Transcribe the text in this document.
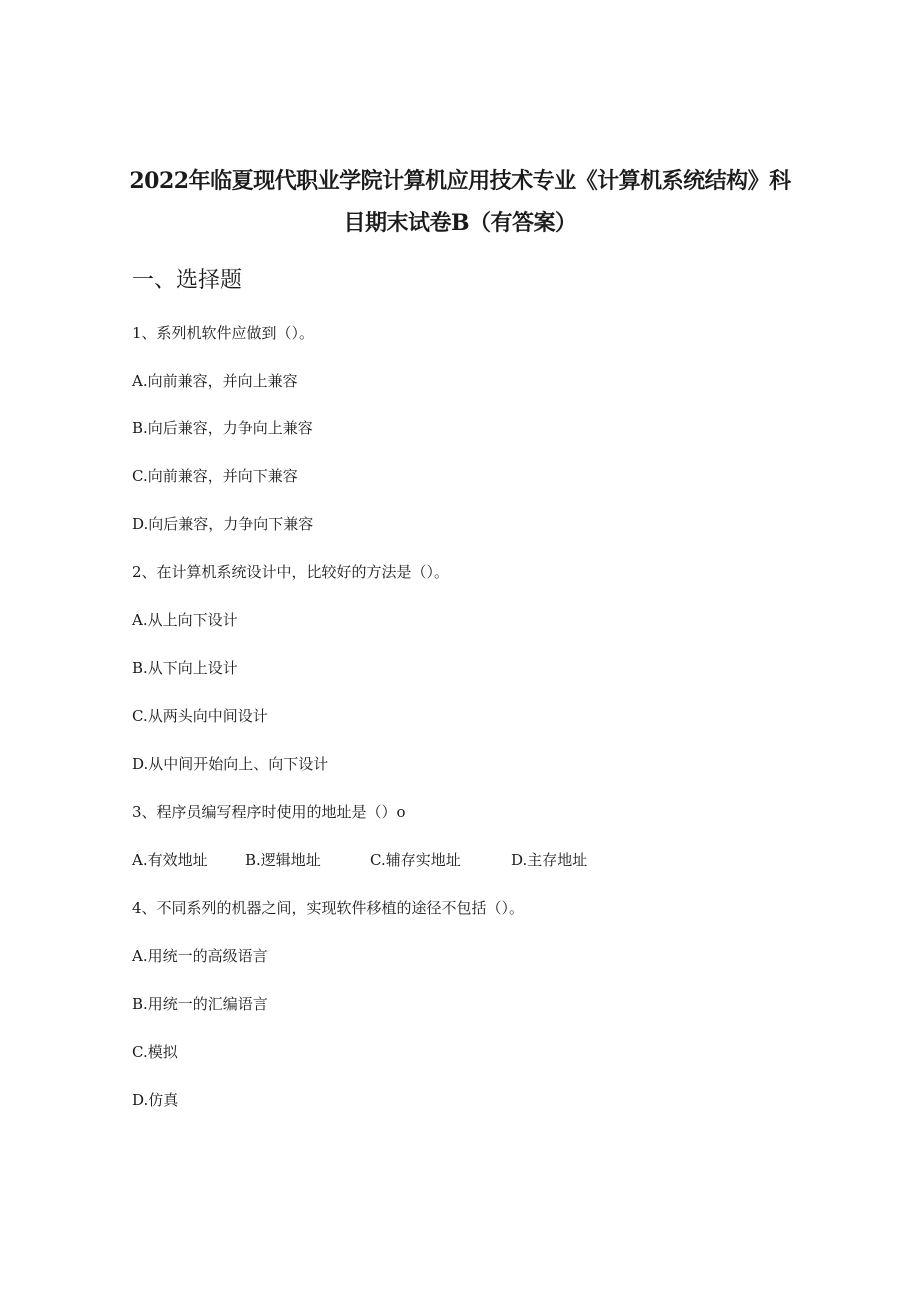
2022年临夏现代职业学院计算机应用技术专业《计算机系统结构》科
目期末试卷B（有答案）
一、选择题
1、系列机软件应做到（）。
A.向前兼容，并向上兼容
B.向后兼容，力争向上兼容
C.向前兼容，并向下兼容
D.向后兼容，力争向下兼容
2、在计算机系统设计中，比较好的方法是（）。
A.从上向下设计
B.从下向上设计
C.从两头向中间设计
D.从中间开始向上、向下设计
3、程序员编写程序时使用的地址是（）o
A.有效地址 B.逻辑地址	C.辅存实地址	D.主存地址
4、不同系列的机器之间，实现软件移植的途径不包括（）。
A.用统一的高级语言
B.用统一的汇编语言
C.模拟
D.仿真
